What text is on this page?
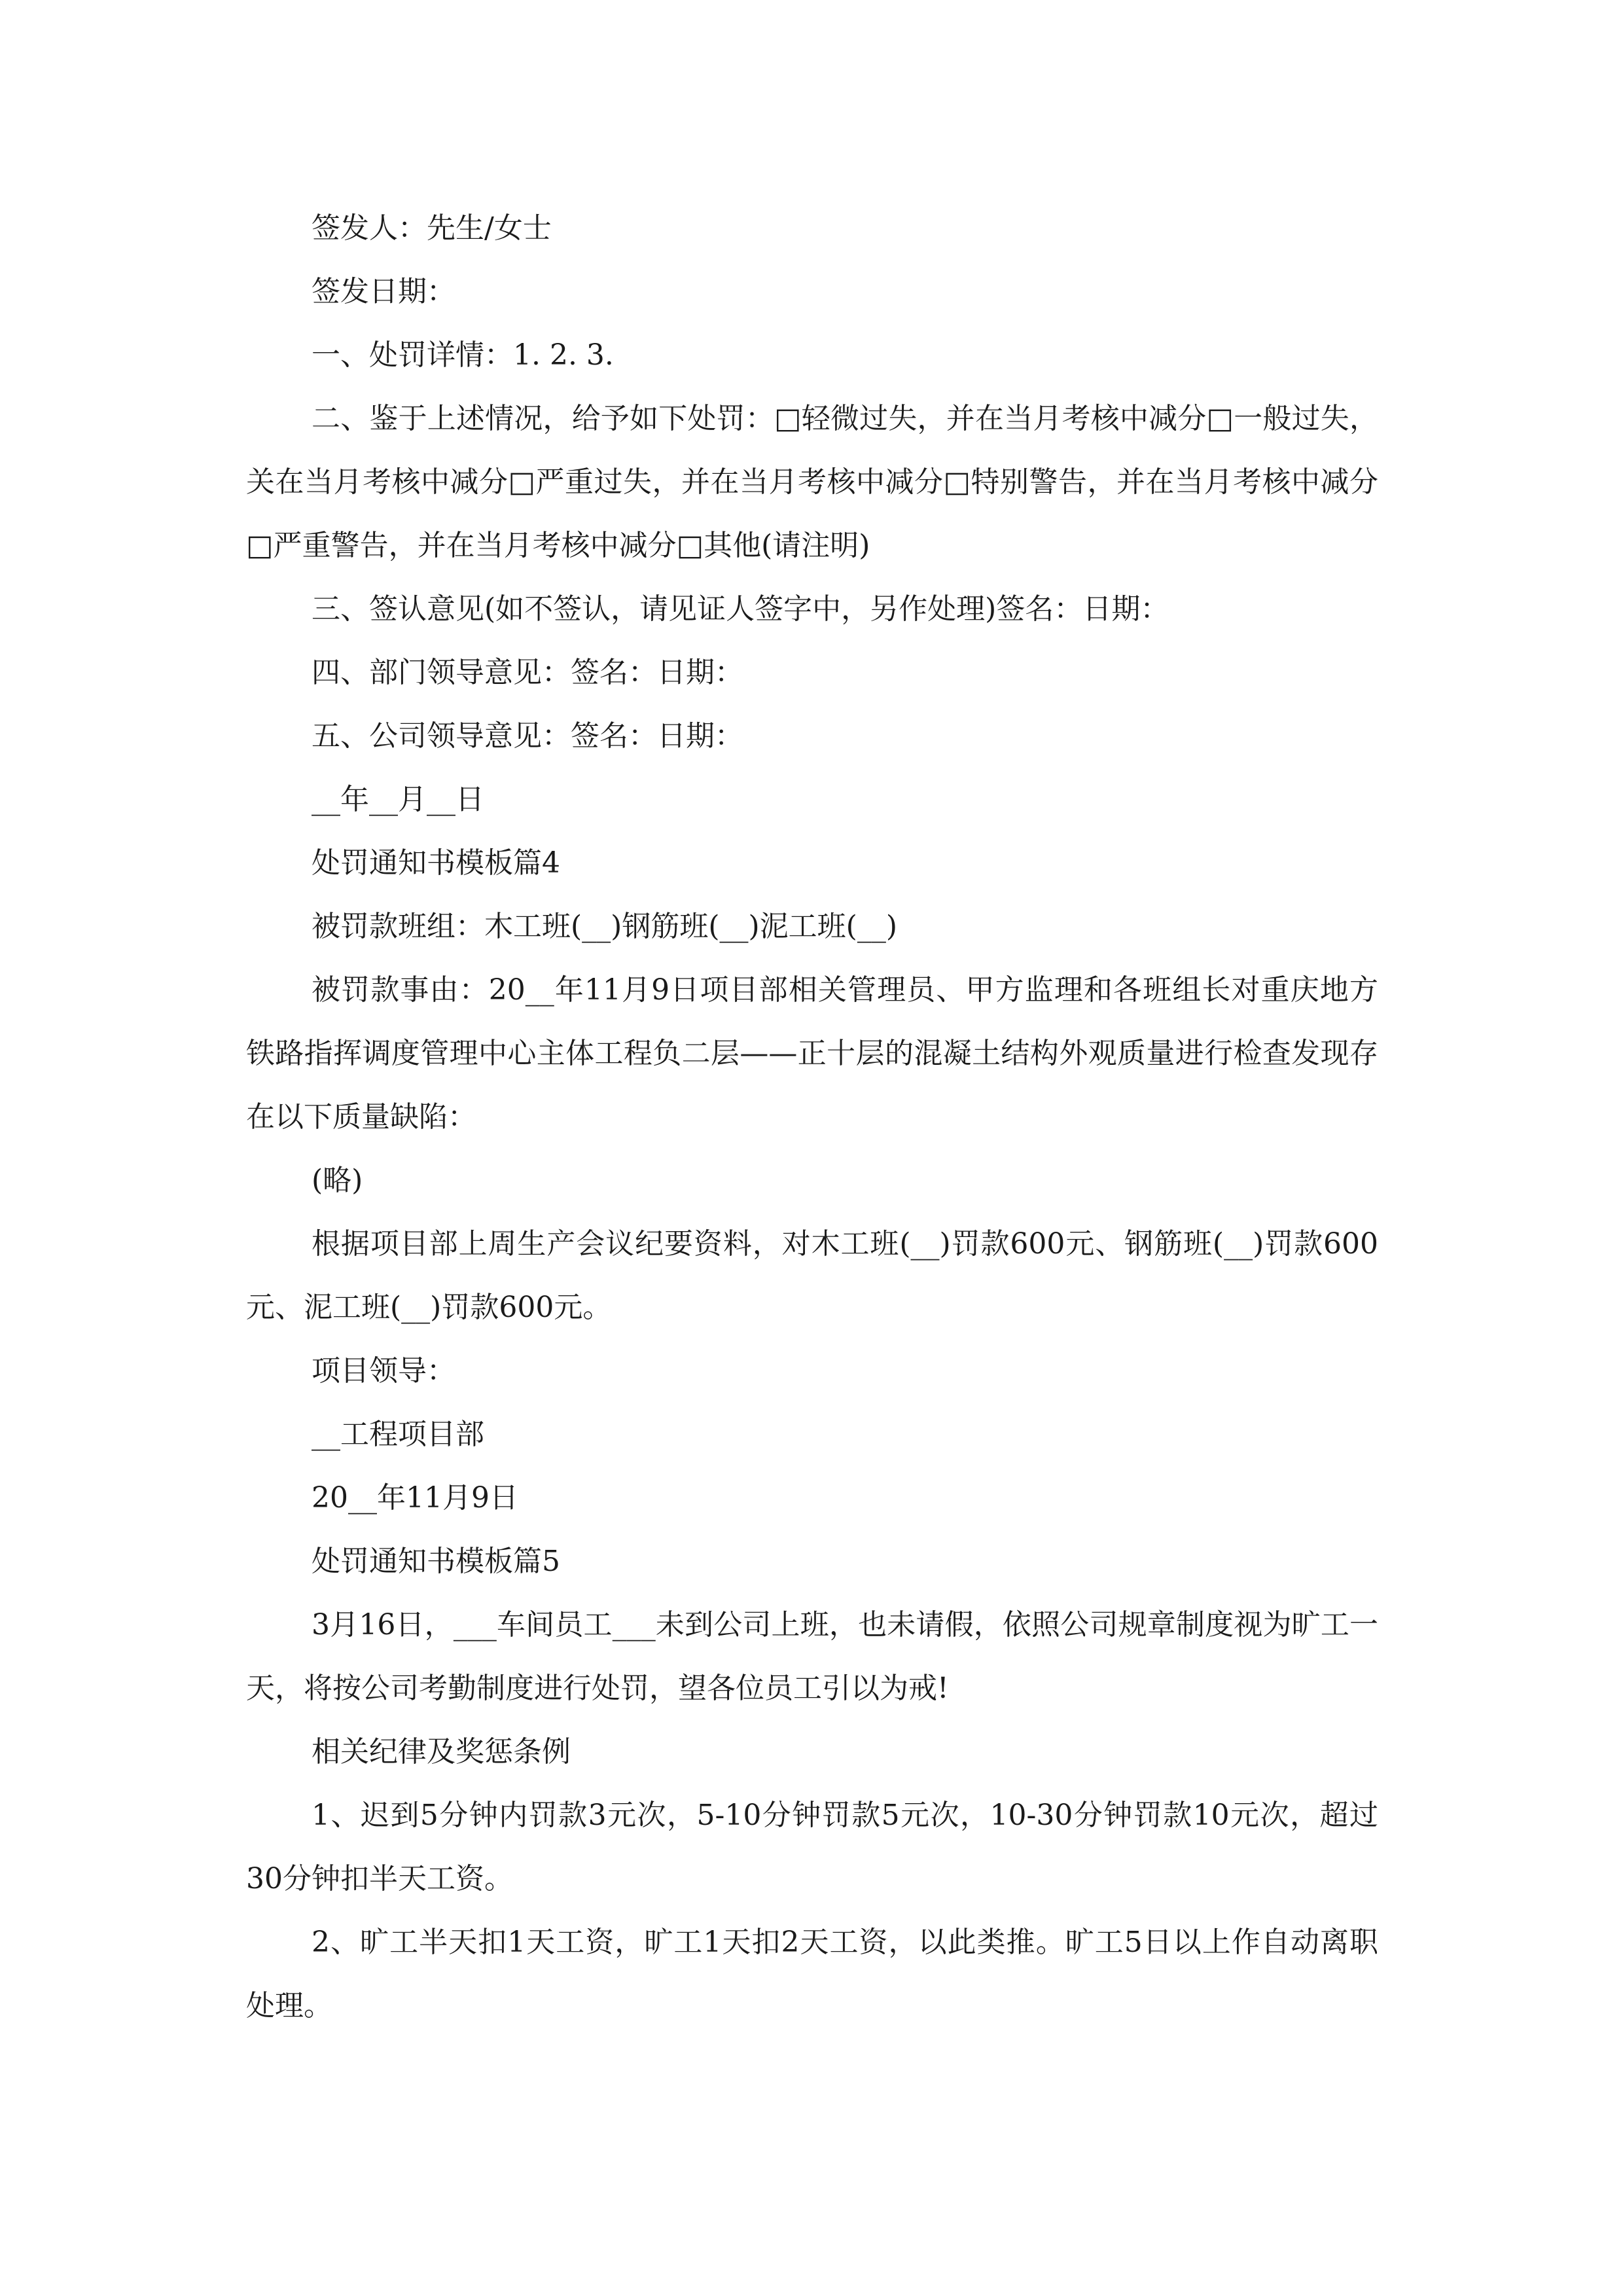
签发人：先生/女士

签发日期：

一、处罚详情：1. 2. 3.

二、鉴于上述情况，给予如下处罚：□轻微过失，并在当月考核中减分□一般过失，关在当月考核中减分□严重过失，并在当月考核中减分□特别警告，并在当月考核中减分□严重警告，并在当月考核中减分□其他(请注明)

三、签认意见(如不签认，请见证人签字中，另作处理)签名：日期：

四、部门领导意见：签名：日期：

五、公司领导意见：签名：日期：

__年__月__日

处罚通知书模板篇4

被罚款班组：木工班(__)钢筋班(__)泥工班(__)

被罚款事由：20__年11月9日项目部相关管理员、甲方监理和各班组长对重庆地方铁路指挥调度管理中心主体工程负二层——正十层的混凝土结构外观质量进行检查发现存在以下质量缺陷：

(略)

根据项目部上周生产会议纪要资料，对木工班(__)罚款600元、钢筋班(__)罚款600元、泥工班(__)罚款600元。

项目领导：

__工程项目部

20__年11月9日

处罚通知书模板篇5

3月16日，___车间员工___未到公司上班，也未请假，依照公司规章制度视为旷工一天，将按公司考勤制度进行处罚，望各位员工引以为戒!

相关纪律及奖惩条例

1、迟到5分钟内罚款3元次，5-10分钟罚款5元次，10-30分钟罚款10元次，超过30分钟扣半天工资。

2、旷工半天扣1天工资，旷工1天扣2天工资，以此类推。旷工5日以上作自动离职处理。
